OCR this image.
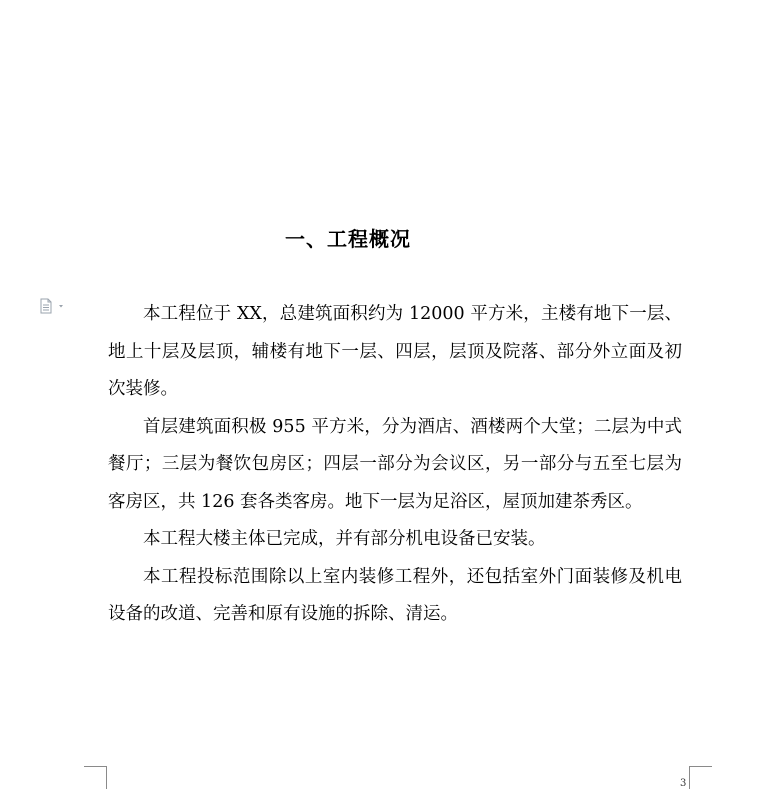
一、工程概况

本工程位于 XX，总建筑面积约为 12000 平方米，主楼有地下一层、地上十层及层顶，辅楼有地下一层、四层，层顶及院落、部分外立面及初次装修。

首层建筑面积极 955 平方米，分为酒店、酒楼两个大堂；二层为中式餐厅；三层为餐饮包房区；四层一部分为会议区，另一部分与五至七层为客房区，共 126 套各类客房。地下一层为足浴区，屋顶加建茶秀区。

本工程大楼主体已完成，并有部分机电设备已安装。

本工程投标范围除以上室内装修工程外，还包括室外门面装修及机电设备的改道、完善和原有设施的拆除、清运。

3
